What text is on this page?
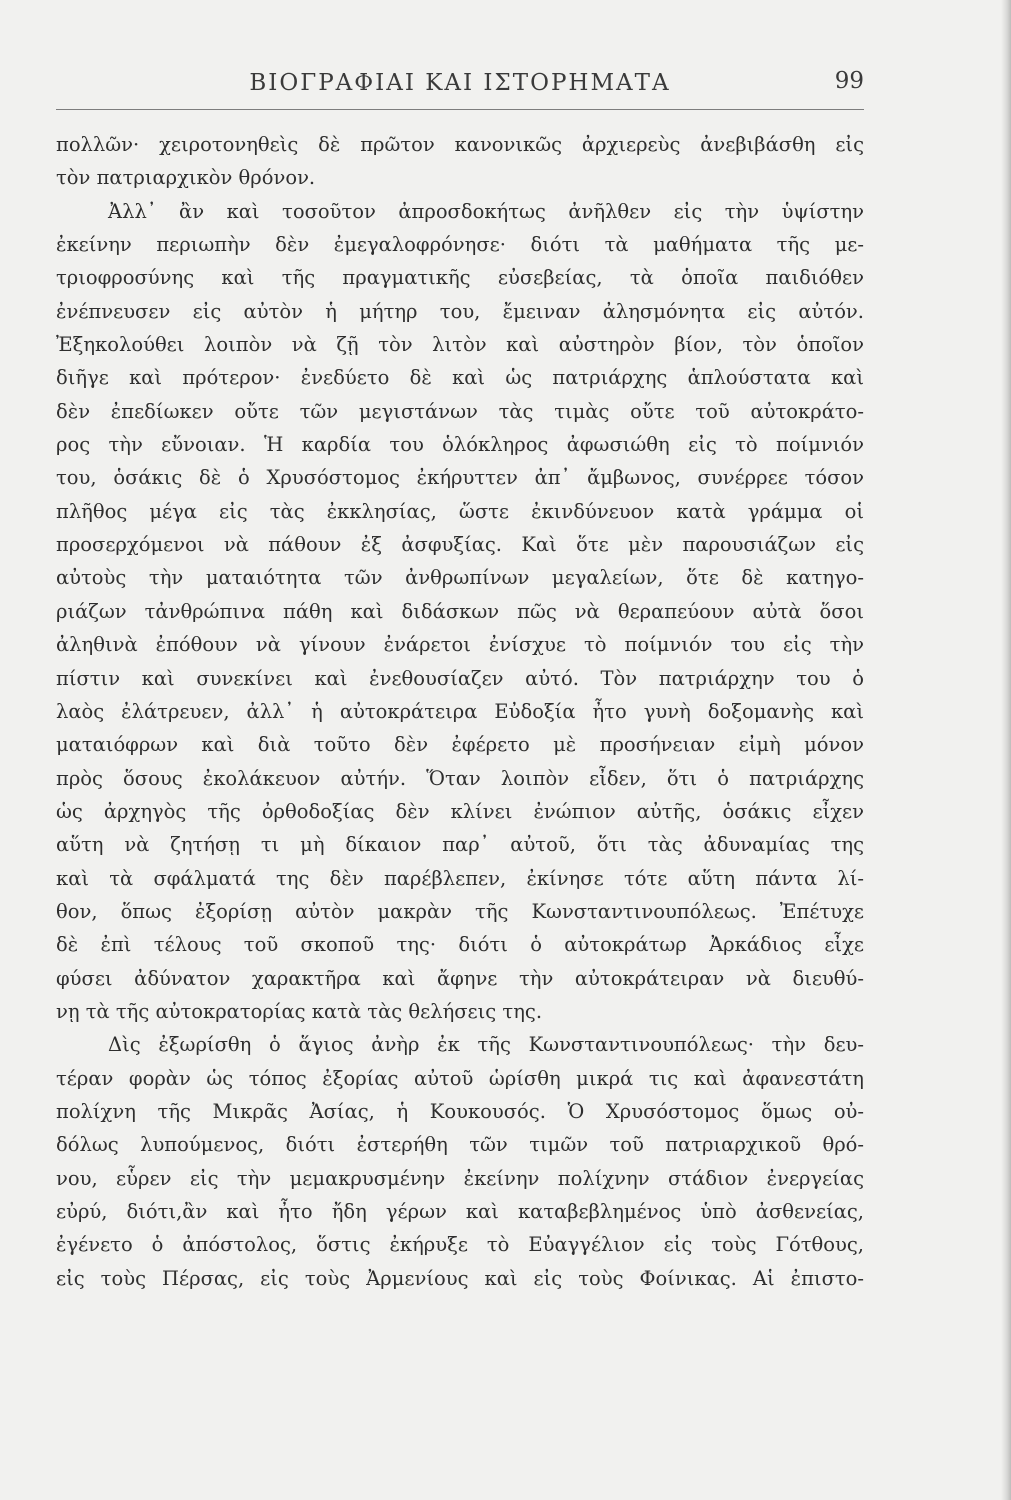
ΒΙΟΓΡΑΦΙΑΙ ΚΑΙ ΙΣΤΟΡΗΜΑΤΑ	99
πολλῶν· χειροτονηθεὶς δὲ πρῶτον κανονικῶς ἀρχιερεὺς ἀνεβιβάσθη εἰς
τὸν πατριαρχικὸν θρόνον.
Ἀλλ᾽ ἂν καὶ τοσοῦτον ἀπροσδοκήτως ἀνῆλθεν εἰς τὴν ὑψίστην
ἐκείνην περιωπὴν δὲν ἐμεγαλοφρόνησε· διότι τὰ μαθήματα τῆς με-
τριοφροσύνης καὶ τῆς πραγματικῆς εὐσεβείας, τὰ ὁποῖα παιδιόθεν
ἐνέπνευσεν εἰς αὐτὸν ἡ μήτηρ του, ἔμειναν ἀλησμόνητα εἰς αὐτόν.
Ἐξηκολούθει λοιπὸν νὰ ζῇ τὸν λιτὸν καὶ αὐστηρὸν βίον, τὸν ὁποῖον
διῆγε καὶ πρότερον· ἐνεδύετο δὲ καὶ ὡς πατριάρχης ἁπλούστατα καὶ
δὲν ἐπεδίωκεν οὔτε τῶν μεγιστάνων τὰς τιμὰς οὔτε τοῦ αὐτοκράτο-
ρος τὴν εὔνοιαν. Ἡ καρδία του ὁλόκληρος ἀφωσιώθη εἰς τὸ ποίμνιόν
του, ὁσάκις δὲ ὁ Χρυσόστομος ἐκήρυττεν ἀπ᾽ ἄμβωνος, συνέρρεε τόσον
πλῆθος μέγα εἰς τὰς ἐκκλησίας, ὥστε ἐκινδύνευον κατὰ γράμμα οἱ
προσερχόμενοι νὰ πάθουν ἐξ ἀσφυξίας. Καὶ ὅτε μὲν παρουσιάζων εἰς
αὐτοὺς τὴν ματαιότητα τῶν ἀνθρωπίνων μεγαλείων, ὅτε δὲ κατηγο-
ριάζων τἀνθρώπινα πάθη καὶ διδάσκων πῶς νὰ θεραπεύουν αὐτὰ ὅσοι
ἀληθινὰ ἐπόθουν νὰ γίνουν ἐνάρετοι ἐνίσχυε τὸ ποίμνιόν του εἰς τὴν
πίστιν καὶ συνεκίνει καὶ ἐνεθουσίαζεν αὐτό. Τὸν πατριάρχην του ὁ
λαὸς ἐλάτρευεν, ἀλλ᾽ ἡ αὐτοκράτειρα Εὐδοξία ἦτο γυνὴ δοξομανὴς καὶ
ματαιόφρων καὶ διὰ τοῦτο δὲν ἐφέρετο μὲ προσήνειαν εἰμὴ μόνον
πρὸς ὅσους ἐκολάκευον αὐτήν. Ὅταν λοιπὸν εἶδεν, ὅτι ὁ πατριάρχης
ὡς ἀρχηγὸς τῆς ὀρθοδοξίας δὲν κλίνει ἐνώπιον αὐτῆς, ὁσάκις εἶχεν
αὕτη νὰ ζητήσῃ τι μὴ δίκαιον παρ᾽ αὐτοῦ, ὅτι τὰς ἀδυναμίας της
καὶ τὰ σφάλματά της δὲν παρέβλεπεν, ἐκίνησε τότε αὕτη πάντα λί-
θον, ὅπως ἐξορίσῃ αὐτὸν μακρὰν τῆς Κωνσταντινουπόλεως. Ἐπέτυχε
δὲ ἐπὶ τέλους τοῦ σκοποῦ της· διότι ὁ αὐτοκράτωρ Ἀρκάδιος εἶχε
φύσει ἀδύνατον χαρακτῆρα καὶ ἄφηνε τὴν αὐτοκράτειραν νὰ διευθύ-
νῃ τὰ τῆς αὐτοκρατορίας κατὰ τὰς θελήσεις της.
Δὶς ἐξωρίσθη ὁ ἅγιος ἀνὴρ ἐκ τῆς Κωνσταντινουπόλεως· τὴν δευ-
τέραν φορὰν ὡς τόπος ἐξορίας αὐτοῦ ὡρίσθη μικρά τις καὶ ἀφανεστάτη
πολίχνη τῆς Μικρᾶς Ἀσίας, ἡ Κουκουσός. Ὁ Χρυσόστομος ὅμως οὐ-
δόλως λυπούμενος, διότι ἐστερήθη τῶν τιμῶν τοῦ πατριαρχικοῦ θρό-
νου, εὗρεν εἰς τὴν μεμακρυσμένην ἐκείνην πολίχνην στάδιον ἐνεργείας
εὐρύ, διότι,ἂν καὶ ἦτο ἤδη γέρων καὶ καταβεβλημένος ὑπὸ ἀσθενείας,
ἐγένετο ὁ ἀπόστολος, ὅστις ἐκήρυξε τὸ Εὐαγγέλιον εἰς τοὺς Γότθους,
εἰς τοὺς Πέρσας, εἰς τοὺς Ἀρμενίους καὶ εἰς τοὺς Φοίνικας. Αἱ ἐπιστο-
